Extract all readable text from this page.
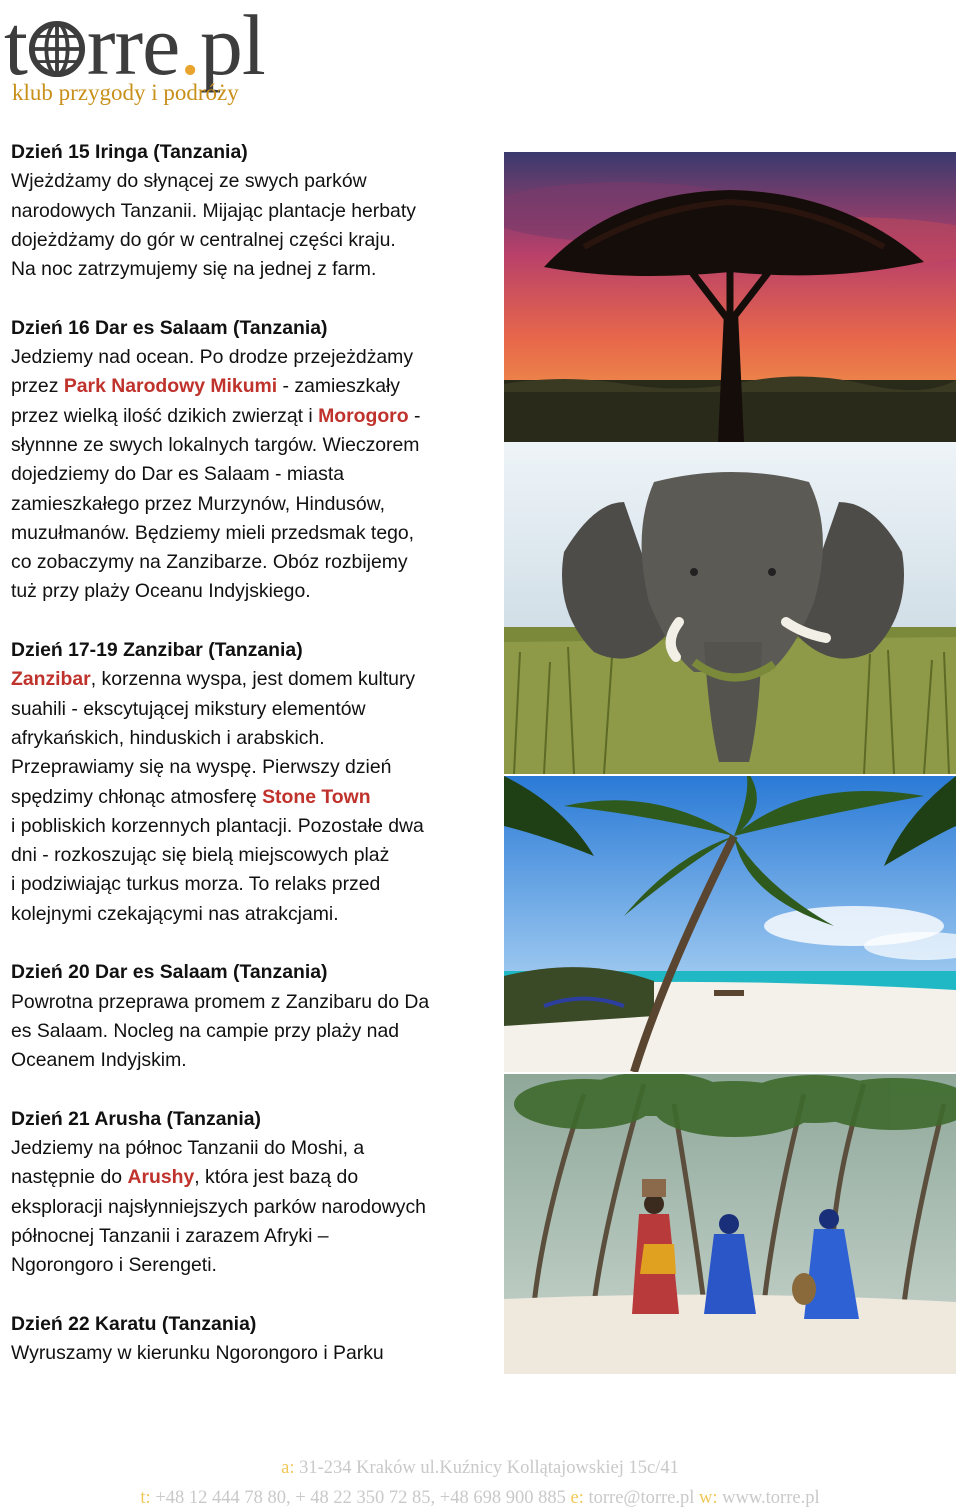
t rre . pl
klub przygody i podróży
Dzień 15 Iringa (Tanzania)
Wjeżdżamy do słynącej ze swych parków
narodowych Tanzanii. Mijając plantacje herbaty
dojeżdżamy do gór w centralnej części kraju.
Na noc zatrzymujemy się na jednej z farm.
Dzień 16 Dar es Salaam (Tanzania)
Jedziemy nad ocean. Po drodze przejeżdżamy
przez Park Narodowy Mikumi - zamieszkały
przez wielką ilość dzikich zwierząt i Morogoro -
słynnne ze swych lokalnych targów. Wieczorem
dojedziemy do Dar es Salaam - miasta
zamieszkałego przez Murzynów, Hindusów,
muzułmanów. Będziemy mieli przedsmak tego,
co zobaczymy na Zanzibarze. Obóz rozbijemy
tuż przy plaży Oceanu Indyjskiego.
Dzień 17-19 Zanzibar (Tanzania)
Zanzibar, korzenna wyspa, jest domem kultury
suahili - ekscytującej mikstury elementów
afrykańskich, hinduskich i arabskich.
Przeprawiamy się na wyspę. Pierwszy dzień
spędzimy chłonąc atmosferę Stone Town
i pobliskich korzennych plantacji. Pozostałe dwa
dni - rozkoszując się bielą miejscowych plaż
i podziwiając turkus morza. To relaks przed
kolejnymi czekającymi nas atrakcjami.
Dzień 20 Dar es Salaam (Tanzania)
Powrotna przeprawa promem z Zanzibaru do Da
es Salaam. Nocleg na campie przy plaży nad
Oceanem Indyjskim.
Dzień 21 Arusha (Tanzania)
Jedziemy na północ Tanzanii do Moshi, a
następnie do Arushy, która jest bazą do
eksploracji najsłynniejszych parków narodowych
północnej Tanzanii i zarazem Afryki –
Ngorongoro i Serengeti.
Dzień 22 Karatu (Tanzania)
Wyruszamy w kierunku Ngorongoro i Parku
a: 31-234 Kraków ul.Kuźnicy Kollątajowskiej 15c/41
t: +48 12 444 78 80, + 48 22 350 72 85, +48 698 900 885 e: torre@torre.pl w: www.torre.pl
